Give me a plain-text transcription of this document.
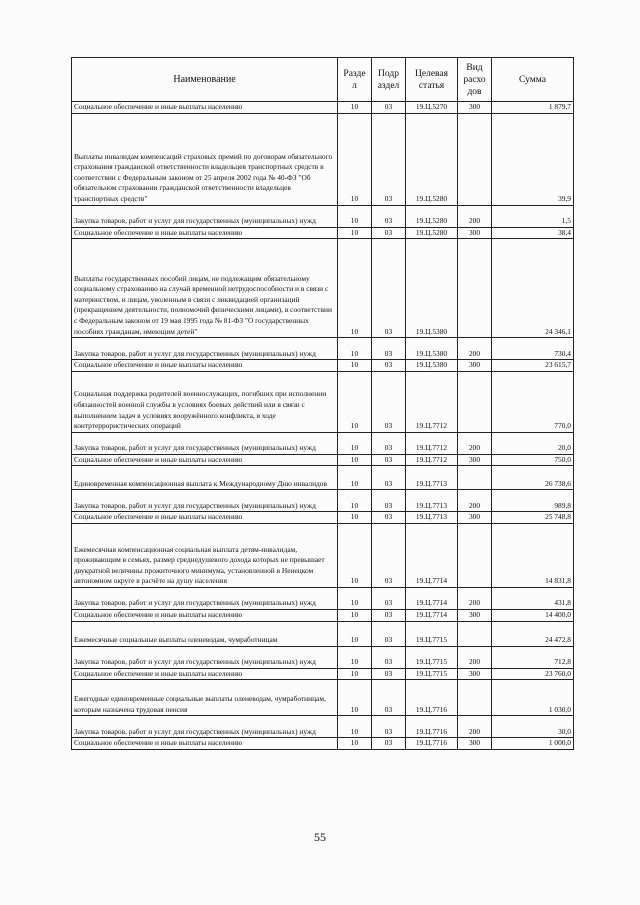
Наименование	Разде л	Подр аздел	Целевая статья	Вид расхо дов	Сумма
Социальное обеспечение и иные выплаты населению	10	03	19.Ц.5270	300	1 879,7
Выплаты инвалидам компенсаций страховых премий по договорам обязательного страхования гражданской ответственности владельцев транспортных средств в соответствии с Федеральным законом от 25 апреля 2002 года № 40-ФЗ "Об обязательном страховании гражданской ответственности владельцев транспортных средств"	10	03	19.Ц.5280		39,9
Закупка товаров, работ и услуг для государственных (муниципальных) нужд	10	03	19.Ц.5280	200	1,5
Социальное обеспечение и иные выплаты населению	10	03	19.Ц.5280	300	38,4
Выплаты государственных пособий лицам, не подлежащим обязательному социальному страхованию на случай временной нетрудоспособности и в связи с материнством, и лицам, уволенным в связи с ликвидацией организаций (прекращением деятельности, полномочий физическими лицами), в соответствии с Федеральным законом от 19 мая 1995 года № 81-ФЗ "О государственных пособиях гражданам, имеющим детей"	10	03	19.Ц.5380		24 346,1
Закупка товаров, работ и услуг для государственных (муниципальных) нужд	10	03	19.Ц.5380	200	730,4
Социальное обеспечение и иные выплаты населению	10	03	19.Ц.5380	300	23 615,7
Социальная поддержка родителей военнослужащих, погибших при исполнении обязанностей военной службы в условиях боевых действий или в связи с выполнением задач в условиях вооружённого конфликта, в ходе контртеррористических операций	10	03	19.Ц.7712		770,0
Закупка товаров, работ и услуг для государственных (муниципальных) нужд	10	03	19.Ц.7712	200	20,0
Социальное обеспечение и иные выплаты населению	10	03	19.Ц.7712	300	750,0
Единовременная компенсационная выплата к Международному Дню инвалидов	10	03	19.Ц.7713		26 738,6
Закупка товаров, работ и услуг для государственных (муниципальных) нужд	10	03	19.Ц.7713	200	989,8
Социальное обеспечение и иные выплаты населению	10	03	19.Ц.7713	300	25 748,8
Ежемесячная компенсационная социальная выплата детям-инвалидам, проживающим в семьях, размер среднедушевого дохода которых не превышает двукратной величины прожиточного минимума, установленной в Ненецком автономном округе в расчёте на душу населения	10	03	19.Ц.7714		14 831,8
Закупка товаров, работ и услуг для государственных (муниципальных) нужд	10	03	19.Ц.7714	200	431,8
Социальное обеспечение и иные выплаты населению	10	03	19.Ц.7714	300	14 400,0
Ежемесячные социальные выплаты оленеводам, чумработницам	10	03	19.Ц.7715		24 472,8
Закупка товаров, работ и услуг для государственных (муниципальных) нужд	10	03	19.Ц.7715	200	712,8
Социальное обеспечение и иные выплаты населению	10	03	19.Ц.7715	300	23 760,0
Ежегодные единовременные социальные выплаты оленеводам, чумработницам, которым назначена трудовая пенсия	10	03	19.Ц.7716		1 030,0
Закупка товаров, работ и услуг для государственных (муниципальных) нужд	10	03	19.Ц.7716	200	30,0
Социальное обеспечение и иные выплаты населению	10	03	19.Ц.7716	300	1 000,0
55
